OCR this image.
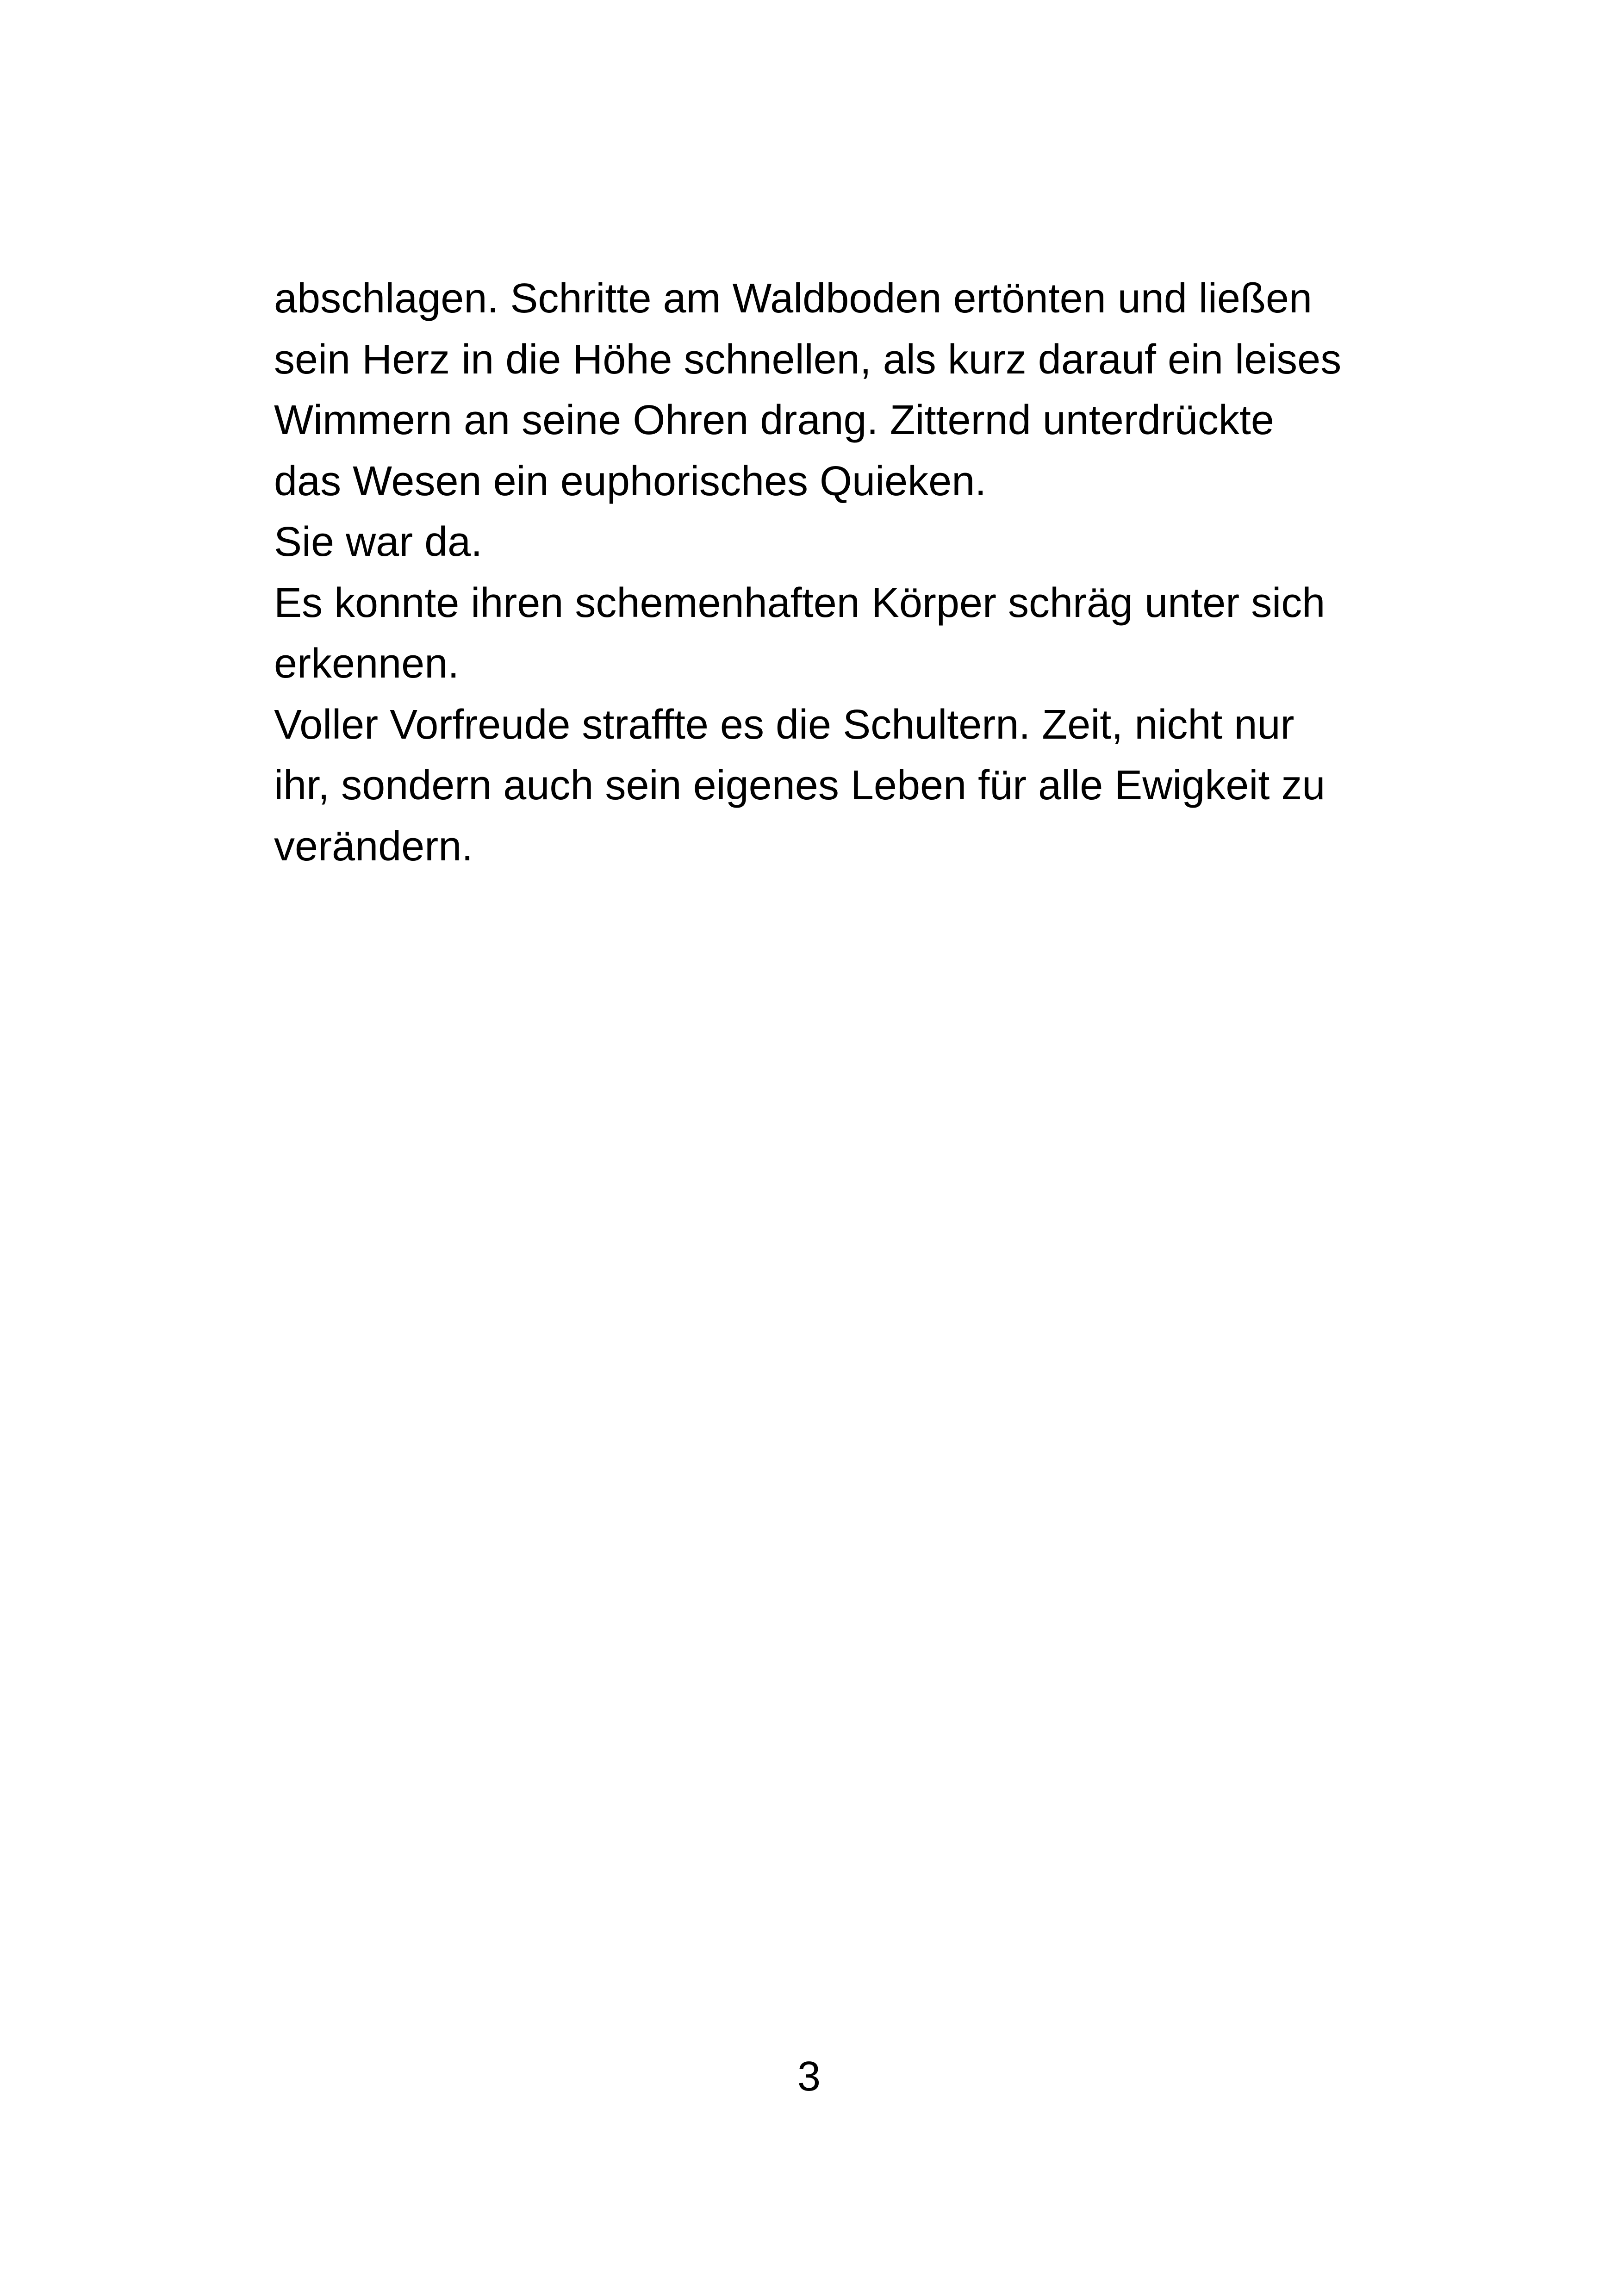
abschlagen. Schritte am Waldboden ertönten und ließen
sein Herz in die Höhe schnellen, als kurz darauf ein leises
Wimmern an seine Ohren drang. Zitternd unterdrückte
das Wesen ein euphorisches Quieken.
Sie war da.
Es konnte ihren schemenhaften Körper schräg unter sich
erkennen.
Voller Vorfreude straffte es die Schultern. Zeit, nicht nur
ihr, sondern auch sein eigenes Leben für alle Ewigkeit zu
verändern.
3
